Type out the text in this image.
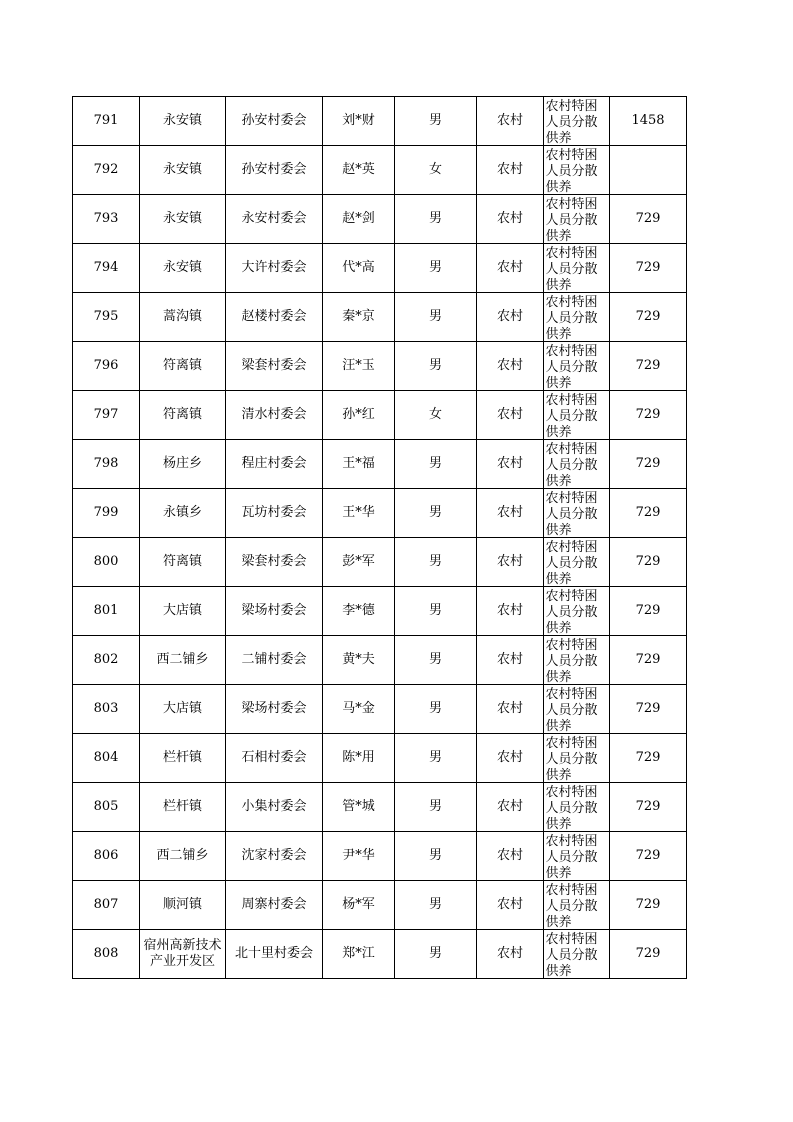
791	永安镇	孙安村委会	刘*财	男	农村	农村特困人员分散供养	1458

792	永安镇	孙安村委会	赵*英	女	农村	农村特困人员分散供养	

793	永安镇	永安村委会	赵*剑	男	农村	农村特困人员分散供养	729

794	永安镇	大许村委会	代*高	男	农村	农村特困人员分散供养	729

795	蒿沟镇	赵楼村委会	秦*京	男	农村	农村特困人员分散供养	729

796	符离镇	梁套村委会	汪*玉	男	农村	农村特困人员分散供养	729

797	符离镇	清水村委会	孙*红	女	农村	农村特困人员分散供养	729

798	杨庄乡	程庄村委会	王*福	男	农村	农村特困人员分散供养	729

799	永镇乡	瓦坊村委会	王*华	男	农村	农村特困人员分散供养	729

800	符离镇	梁套村委会	彭*军	男	农村	农村特困人员分散供养	729

801	大店镇	梁场村委会	李*德	男	农村	农村特困人员分散供养	729

802	西二铺乡	二铺村委会	黄*夫	男	农村	农村特困人员分散供养	729

803	大店镇	梁场村委会	马*金	男	农村	农村特困人员分散供养	729

804	栏杆镇	石相村委会	陈*用	男	农村	农村特困人员分散供养	729

805	栏杆镇	小集村委会	管*城	男	农村	农村特困人员分散供养	729

806	西二铺乡	沈家村委会	尹*华	男	农村	农村特困人员分散供养	729

807	顺河镇	周寨村委会	杨*军	男	农村	农村特困人员分散供养	729

808	宿州高新技术产业开发区	北十里村委会	郑*江	男	农村	农村特困人员分散供养	729
